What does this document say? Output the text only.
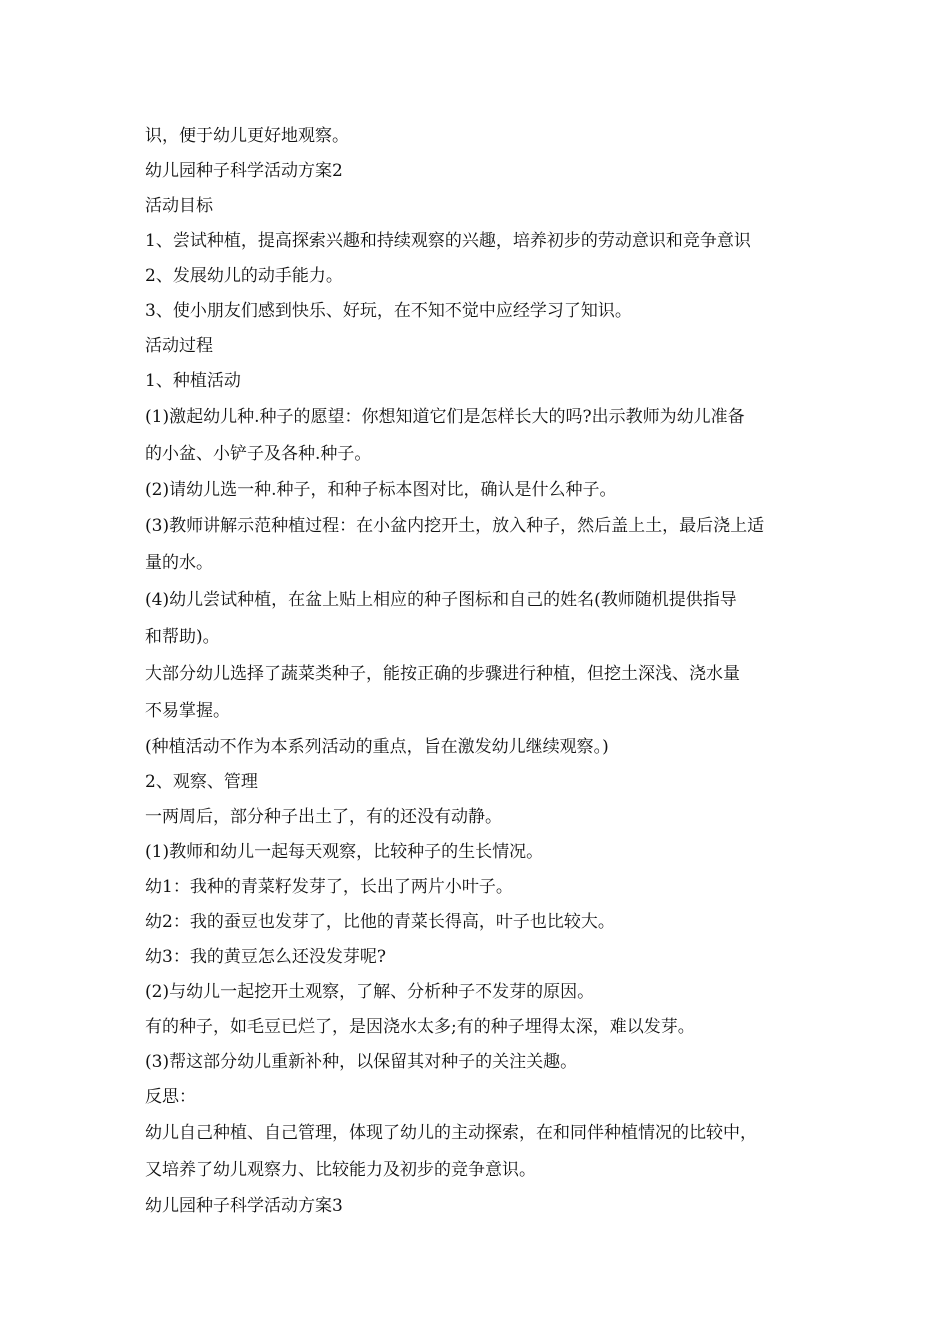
识，便于幼儿更好地观察。

幼儿园种子科学活动方案2

活动目标

1、尝试种植，提高探索兴趣和持续观察的兴趣，培养初步的劳动意识和竞争意识

2、发展幼儿的动手能力。

3、使小朋友们感到快乐、好玩，在不知不觉中应经学习了知识。

活动过程

1、种植活动

(1)激起幼儿种.种子的愿望：你想知道它们是怎样长大的吗?出示教师为幼儿准备

的小盆、小铲子及各种.种子。

(2)请幼儿选一种.种子，和种子标本图对比，确认是什么种子。

(3)教师讲解示范种植过程：在小盆内挖开土，放入种子，然后盖上土，最后浇上适

量的水。

(4)幼儿尝试种植，在盆上贴上相应的种子图标和自己的姓名(教师随机提供指导

和帮助)。

大部分幼儿选择了蔬菜类种子，能按正确的步骤进行种植，但挖土深浅、浇水量

不易掌握。

(种植活动不作为本系列活动的重点，旨在激发幼儿继续观察。)

2、观察、管理

一两周后，部分种子出土了，有的还没有动静。

(1)教师和幼儿一起每天观察，比较种子的生长情况。

幼1：我种的青菜籽发芽了，长出了两片小叶子。

幼2：我的蚕豆也发芽了，比他的青菜长得高，叶子也比较大。

幼3：我的黄豆怎么还没发芽呢?

(2)与幼儿一起挖开土观察，了解、分析种子不发芽的原因。

有的种子，如毛豆已烂了，是因浇水太多;有的种子埋得太深，难以发芽。

(3)帮这部分幼儿重新补种，以保留其对种子的关注关趣。

反思：

幼儿自己种植、自己管理，体现了幼儿的主动探索，在和同伴种植情况的比较中，

又培养了幼儿观察力、比较能力及初步的竞争意识。

幼儿园种子科学活动方案3
